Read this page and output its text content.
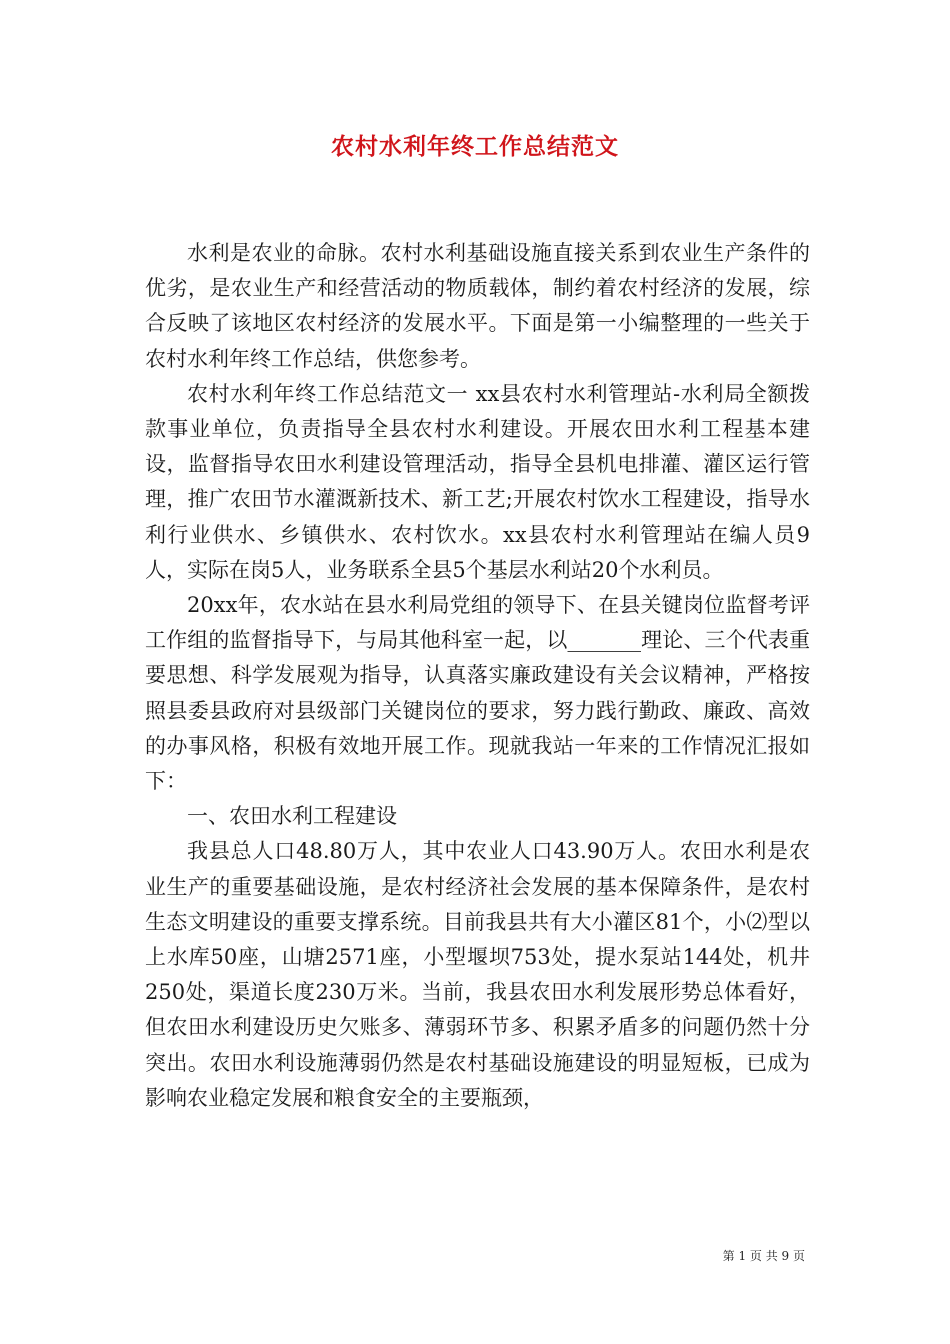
农村水利年终工作总结范文

水利是农业的命脉。农村水利基础设施直接关系到农业生产条件的优劣，是农业生产和经营活动的物质载体，制约着农村经济的发展，综合反映了该地区农村经济的发展水平。下面是第一小编整理的一些关于农村水利年终工作总结，供您参考。

农村水利年终工作总结范文一 xx县农村水利管理站-水利局全额拨款事业单位，负责指导全县农村水利建设。开展农田水利工程基本建设，监督指导农田水利建设管理活动，指导全县机电排灌、灌区运行管理，推广农田节水灌溉新技术、新工艺;开展农村饮水工程建设，指导水利行业供水、乡镇供水、农村饮水。xx县农村水利管理站在编人员9人，实际在岗5人，业务联系全县5个基层水利站20个水利员。

20xx年，农水站在县水利局党组的领导下、在县关键岗位监督考评工作组的监督指导下，与局其他科室一起，以_______理论、三个代表重要思想、科学发展观为指导，认真落实廉政建设有关会议精神，严格按照县委县政府对县级部门关键岗位的要求，努力践行勤政、廉政、高效的办事风格，积极有效地开展工作。现就我站一年来的工作情况汇报如下：

一、农田水利工程建设

我县总人口48.80万人，其中农业人口43.90万人。农田水利是农业生产的重要基础设施，是农村经济社会发展的基本保障条件，是农村生态文明建设的重要支撑系统。目前我县共有大小灌区81个，小⑵型以上水库50座，山塘2571座，小型堰坝753处，提水泵站144处，机井250处，渠道长度230万米。当前，我县农田水利发展形势总体看好，但农田水利建设历史欠账多、薄弱环节多、积累矛盾多的问题仍然十分突出。农田水利设施薄弱仍然是农村基础设施建设的明显短板，已成为影响农业稳定发展和粮食安全的主要瓶颈，

第 1 页 共 9 页
